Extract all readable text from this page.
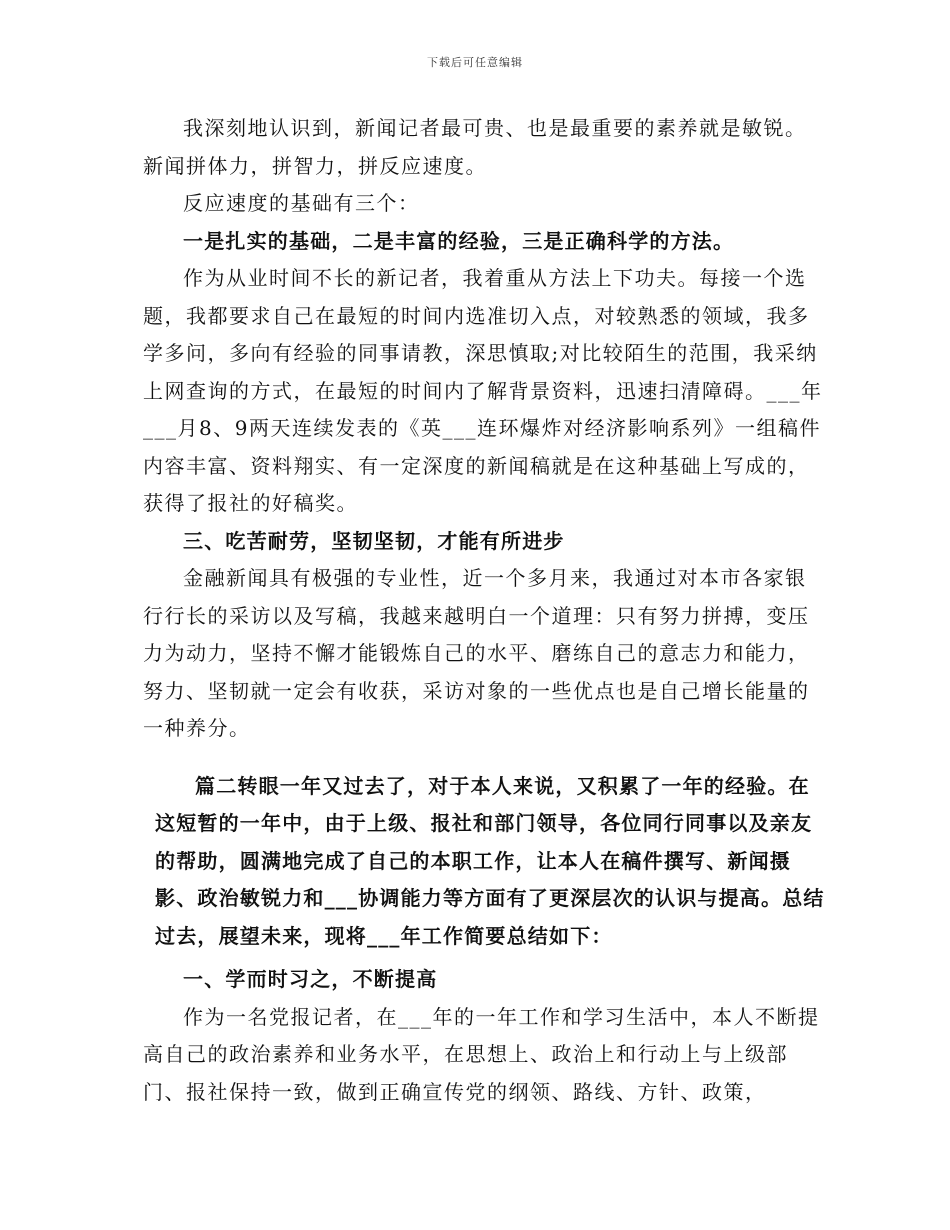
下载后可任意编辑

我深刻地认识到，新闻记者最可贵、也是最重要的素养就是敏锐。新闻拼体力，拼智力，拼反应速度。

反应速度的基础有三个：

一是扎实的基础，二是丰富的经验，三是正确科学的方法。

作为从业时间不长的新记者，我着重从方法上下功夫。每接一个选题，我都要求自己在最短的时间内选准切入点，对较熟悉的领域，我多学多问，多向有经验的同事请教，深思慎取;对比较陌生的范围，我采纳上网查询的方式，在最短的时间内了解背景资料，迅速扫清障碍。___年___月8、9两天连续发表的《英___连环爆炸对经济影响系列》一组稿件内容丰富、资料翔实、有一定深度的新闻稿就是在这种基础上写成的，获得了报社的好稿奖。

三、吃苦耐劳，坚韧坚韧，才能有所进步

金融新闻具有极强的专业性，近一个多月来，我通过对本市各家银行行长的采访以及写稿，我越来越明白一个道理：只有努力拼搏，变压力为动力，坚持不懈才能锻炼自己的水平、磨练自己的意志力和能力，努力、坚韧就一定会有收获，采访对象的一些优点也是自己增长能量的一种养分。

篇二转眼一年又过去了，对于本人来说，又积累了一年的经验。在这短暂的一年中，由于上级、报社和部门领导，各位同行同事以及亲友的帮助，圆满地完成了自己的本职工作，让本人在稿件撰写、新闻摄影、政治敏锐力和___协调能力等方面有了更深层次的认识与提高。总结过去，展望未来，现将___年工作简要总结如下：

一、学而时习之，不断提高

作为一名党报记者，在___年的一年工作和学习生活中，本人不断提高自己的政治素养和业务水平，在思想上、政治上和行动上与上级部门、报社保持一致，做到正确宣传党的纲领、路线、方针、政策，
